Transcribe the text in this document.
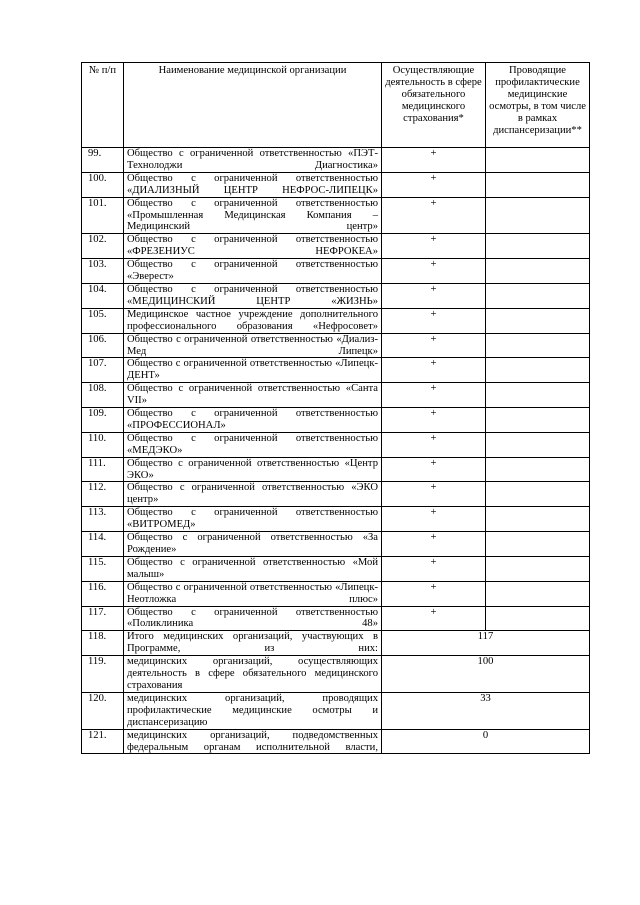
№ п/п	Наименование медицинской организации	Осуществляющие деятельность в сфере обязательного медицинского страхования*	Проводящие профилактические медицинские осмотры, в том числе в рамках диспансеризации**
99.	Общество с ограниченной ответственностью «ПЭТ-Технолоджи Диагностика»	+	
100.	Общество с ограниченной ответственностью «ДИАЛИЗНЫЙ ЦЕНТР НЕФРОС-ЛИПЕЦК»	+	
101.	Общество с ограниченной ответственностью «Промышленная Медицинская Компания – Медицинский центр»	+	
102.	Общество с ограниченной ответственностью «ФРЕЗЕНИУС НЕФРОКЕА»	+	
103.	Общество с ограниченной ответственностью «Эверест»	+	
104.	Общество с ограниченной ответственностью «МЕДИЦИНСКИЙ ЦЕНТР «ЖИЗНЬ»	+	
105.	Медицинское частное учреждение дополнительного профессионального образования «Нефросовет»	+	
106.	Общество с ограниченной ответственностью «Диализ-Мед Липецк»	+	
107.	Общество с ограниченной ответственностью «Липецк-ДЕНТ»	+	
108.	Общество с ограниченной ответственностью «Санта VII»	+	
109.	Общество с ограниченной ответственностью «ПРОФЕССИОНАЛ»	+	
110.	Общество с ограниченной ответственностью «МЕДЭКО»	+	
111.	Общество с ограниченной ответственностью «Центр ЭКО»	+	
112.	Общество с ограниченной ответственностью «ЭКО центр»	+	
113.	Общество с ограниченной ответственностью «ВИТРОМЕД»	+	
114.	Общество с ограниченной ответственностью «За Рождение»	+	
115.	Общество с ограниченной ответственностью «Мой малыш»	+	
116.	Общество с ограниченной ответственностью «Липецк-Неотложка плюс»	+	
117.	Общество с ограниченной ответственностью «Поликлиника 48»	+	
118.	Итого медицинских организаций, участвующих в Программе, из них:	117	
119.	медицинских организаций, осуществляющих деятельность в сфере обязательного медицинского страхования	100	
120.	медицинских организаций, проводящих профилактические медицинские осмотры и диспансеризацию	33	
121.	медицинских организаций, подведомственных федеральным органам исполнительной власти,	0	
